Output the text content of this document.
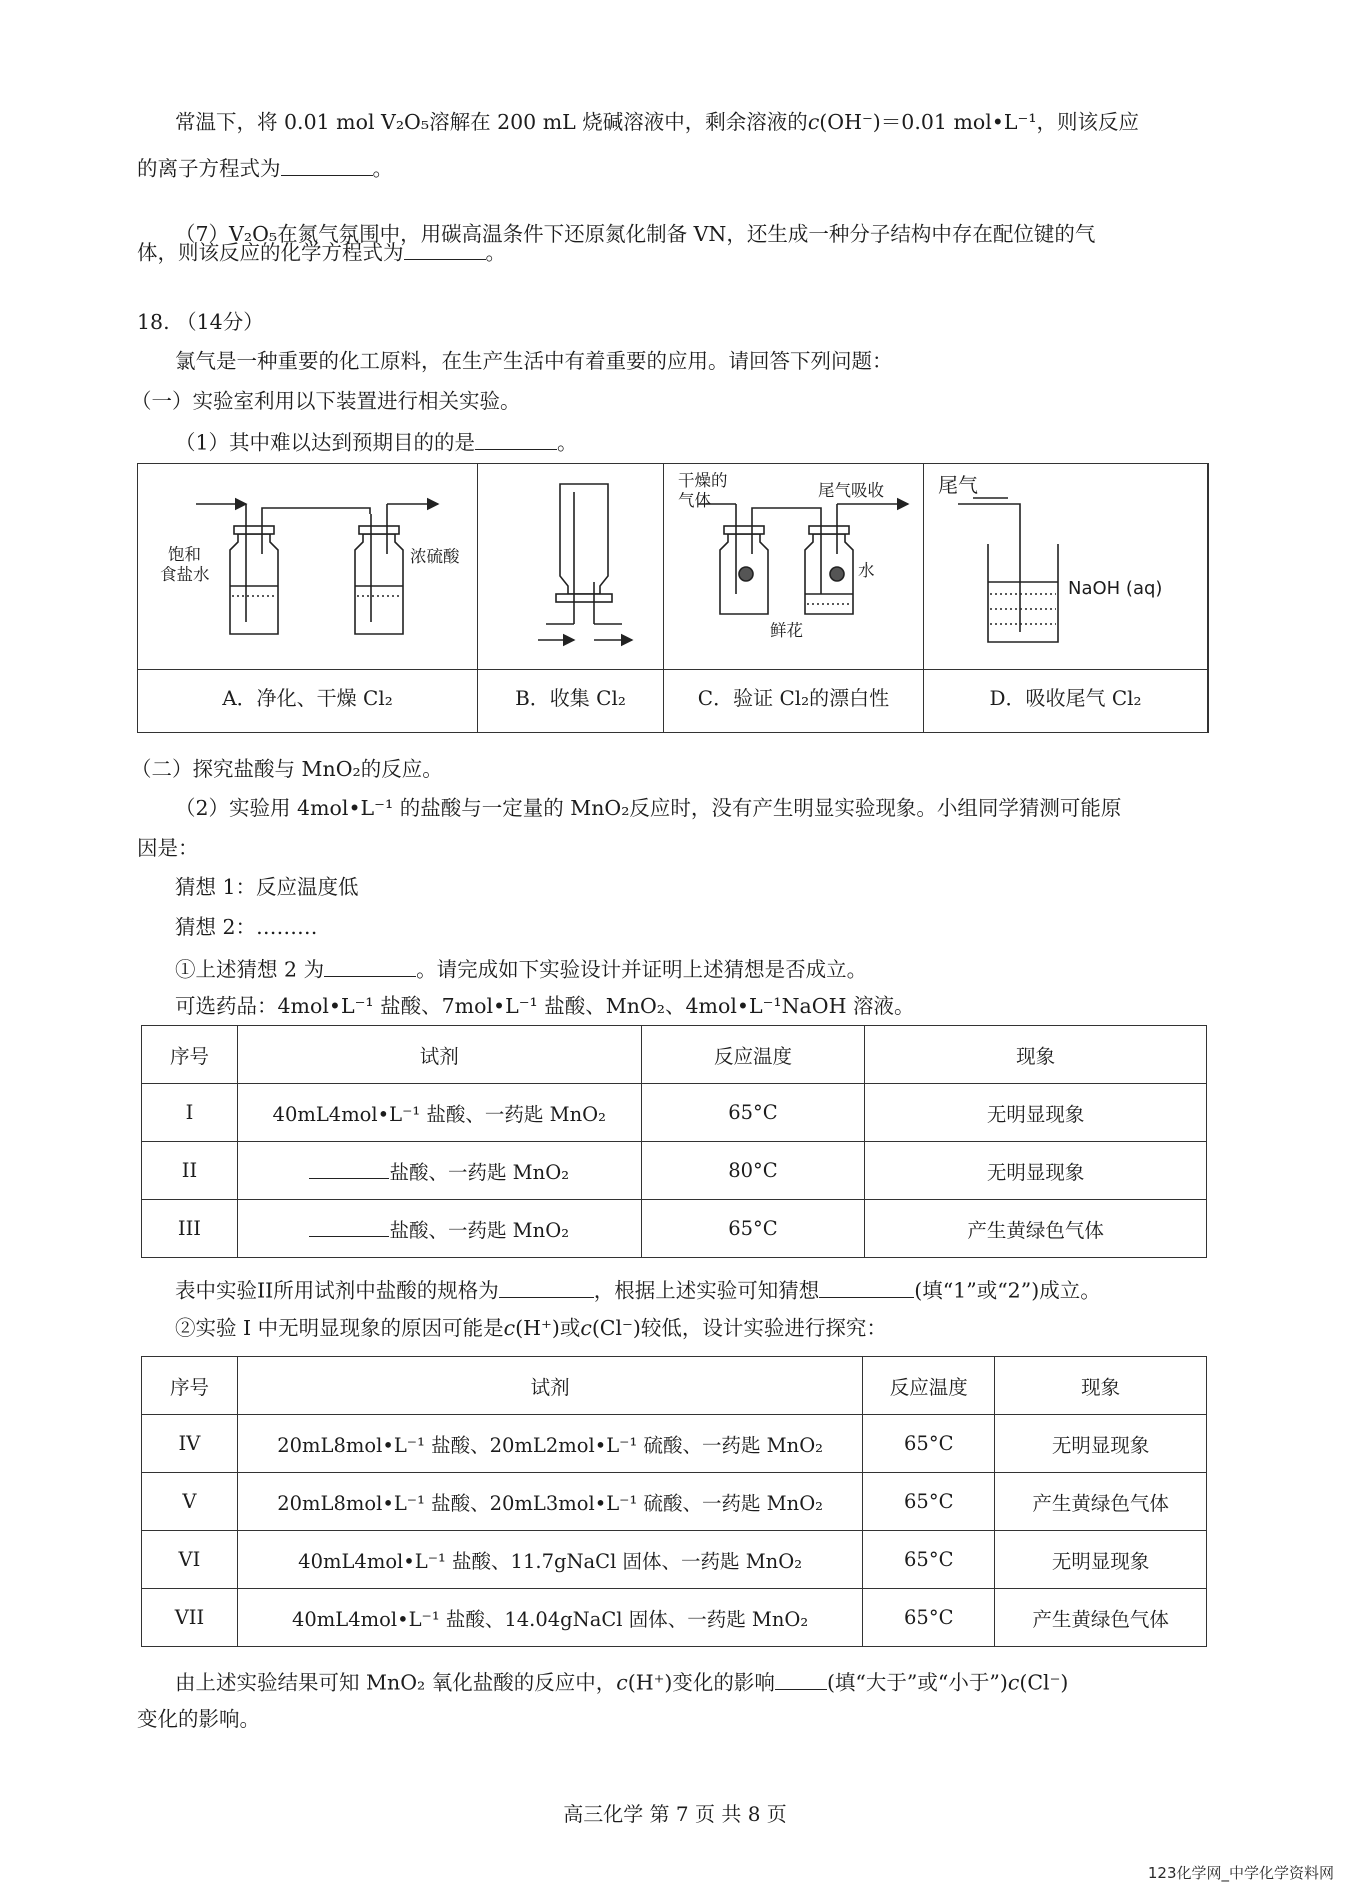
常温下，将 0.01 mol V₂O₅溶解在 200 mL 烧碱溶液中，剩余溶液的c(OH⁻)＝0.01 mol•L⁻¹，则该反应
的离子方程式为	。
（7）V₂O₅在氮气氛围中，用碳高温条件下还原氮化制备 VN，还生成一种分子结构中存在配位键的气
体，则该反应的化学方程式为	。
18. （14分）
氯气是一种重要的化工原料，在生产生活中有着重要的应用。请回答下列问题：
（一）实验室利用以下装置进行相关实验。
（1）其中难以达到预期目的的是	。
A．净化、干燥 Cl₂	B．收集 Cl₂	C．验证 Cl₂的漂白性	D．吸收尾气 Cl₂
饱和
食盐水
浓硫酸
干燥的
气体
尾气吸收
水
鲜花
尾气
NaOH (aq)
（二）探究盐酸与 MnO₂的反应。
（2）实验用 4mol•L⁻¹ 的盐酸与一定量的 MnO₂反应时，没有产生明显实验现象。小组同学猜测可能原
因是：
猜想 1：反应温度低
猜想 2：………
①上述猜想 2 为	。请完成如下实验设计并证明上述猜想是否成立。
可选药品：4mol•L⁻¹ 盐酸、7mol•L⁻¹ 盐酸、MnO₂、4mol•L⁻¹NaOH 溶液。
序号	试剂	反应温度	现象
I	40mL4mol•L⁻¹ 盐酸、一药匙 MnO₂	65°C	无明显现象
II	盐酸、一药匙 MnO₂	80°C	无明显现象
III	盐酸、一药匙 MnO₂	65°C	产生黄绿色气体
表中实验II所用试剂中盐酸的规格为	，根据上述实验可知猜想	(填“1”或“2”)成立。
②实验 I 中无明显现象的原因可能是c(H⁺)或c(Cl⁻)较低，设计实验进行探究：
序号	试剂	反应温度	现象
IV	20mL8mol•L⁻¹ 盐酸、20mL2mol•L⁻¹ 硫酸、一药匙 MnO₂	65°C	无明显现象
V	20mL8mol•L⁻¹ 盐酸、20mL3mol•L⁻¹ 硫酸、一药匙 MnO₂	65°C	产生黄绿色气体
VI	40mL4mol•L⁻¹ 盐酸、11.7gNaCl 固体、一药匙 MnO₂	65°C	无明显现象
VII	40mL4mol•L⁻¹ 盐酸、14.04gNaCl 固体、一药匙 MnO₂	65°C	产生黄绿色气体
由上述实验结果可知 MnO₂ 氧化盐酸的反应中，c(H⁺)变化的影响	(填“大于”或“小于”)c(Cl⁻)
变化的影响。
高三化学 第 7 页 共 8 页
123化学网_中学化学资料网
